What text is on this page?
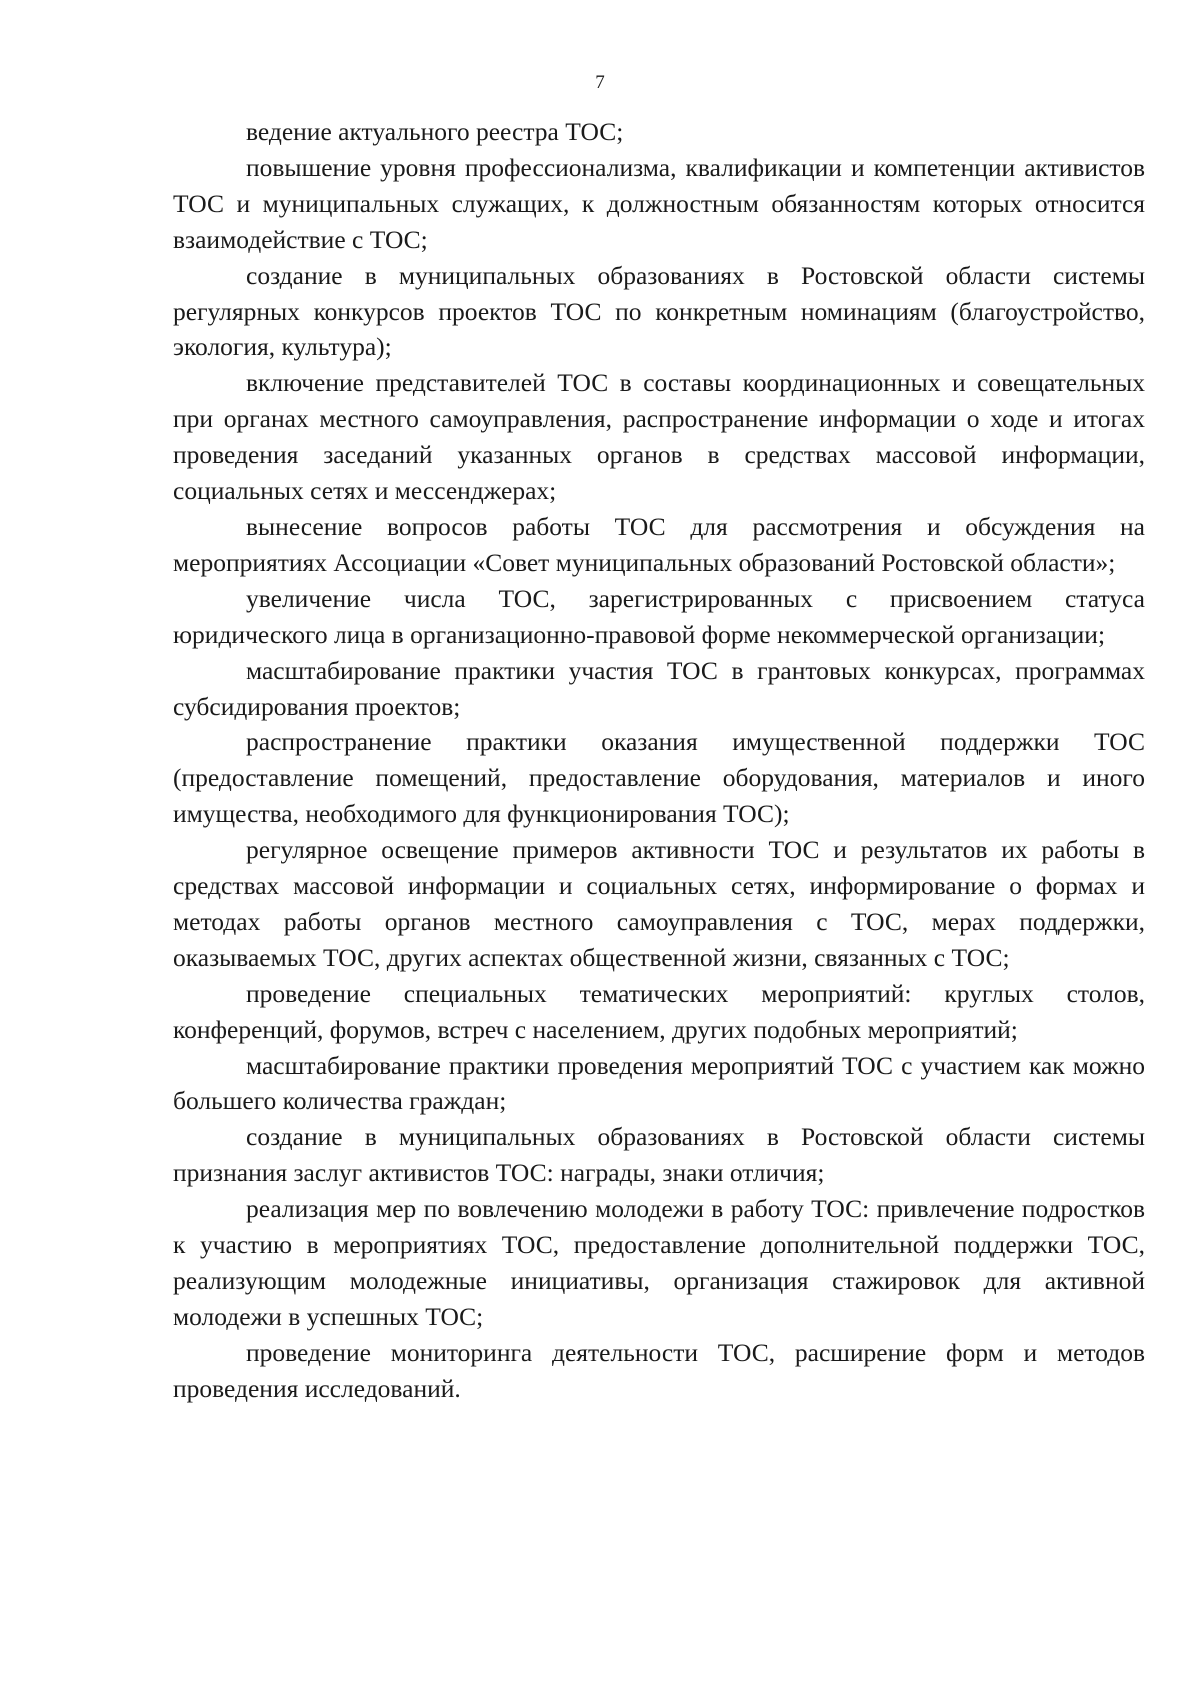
7

ведение актуального реестра ТОС;

повышение уровня профессионализма, квалификации и компетенции активистов ТОС и муниципальных служащих, к должностным обязанностям которых относится взаимодействие с ТОС;

создание в муниципальных образованиях в Ростовской области системы регулярных конкурсов проектов ТОС по конкретным номинациям (благоустройство, экология, культура);

включение представителей ТОС в составы координационных и совещательных при органах местного самоуправления, распространение информации о ходе и итогах проведения заседаний указанных органов в средствах массовой информации, социальных сетях и мессенджерах;

вынесение вопросов работы ТОС для рассмотрения и обсуждения на мероприятиях Ассоциации «Совет муниципальных образований Ростовской области»;

увеличение числа ТОС, зарегистрированных с присвоением статуса юридического лица в организационно-правовой форме некоммерческой организации;

масштабирование практики участия ТОС в грантовых конкурсах, программах субсидирования проектов;

распространение практики оказания имущественной поддержки ТОС (предоставление помещений, предоставление оборудования, материалов и иного имущества, необходимого для функционирования ТОС);

регулярное освещение примеров активности ТОС и результатов их работы в средствах массовой информации и социальных сетях, информирование о формах и методах работы органов местного самоуправления с ТОС, мерах поддержки, оказываемых ТОС, других аспектах общественной жизни, связанных с ТОС;

проведение специальных тематических мероприятий: круглых столов, конференций, форумов, встреч с населением, других подобных мероприятий;

масштабирование практики проведения мероприятий ТОС с участием как можно большего количества граждан;

создание в муниципальных образованиях в Ростовской области системы признания заслуг активистов ТОС: награды, знаки отличия;

реализация мер по вовлечению молодежи в работу ТОС: привлечение подростков к участию в мероприятиях ТОС, предоставление дополнительной поддержки ТОС, реализующим молодежные инициативы, организация стажировок для активной молодежи в успешных ТОС;

проведение мониторинга деятельности ТОС, расширение форм и методов проведения исследований.
